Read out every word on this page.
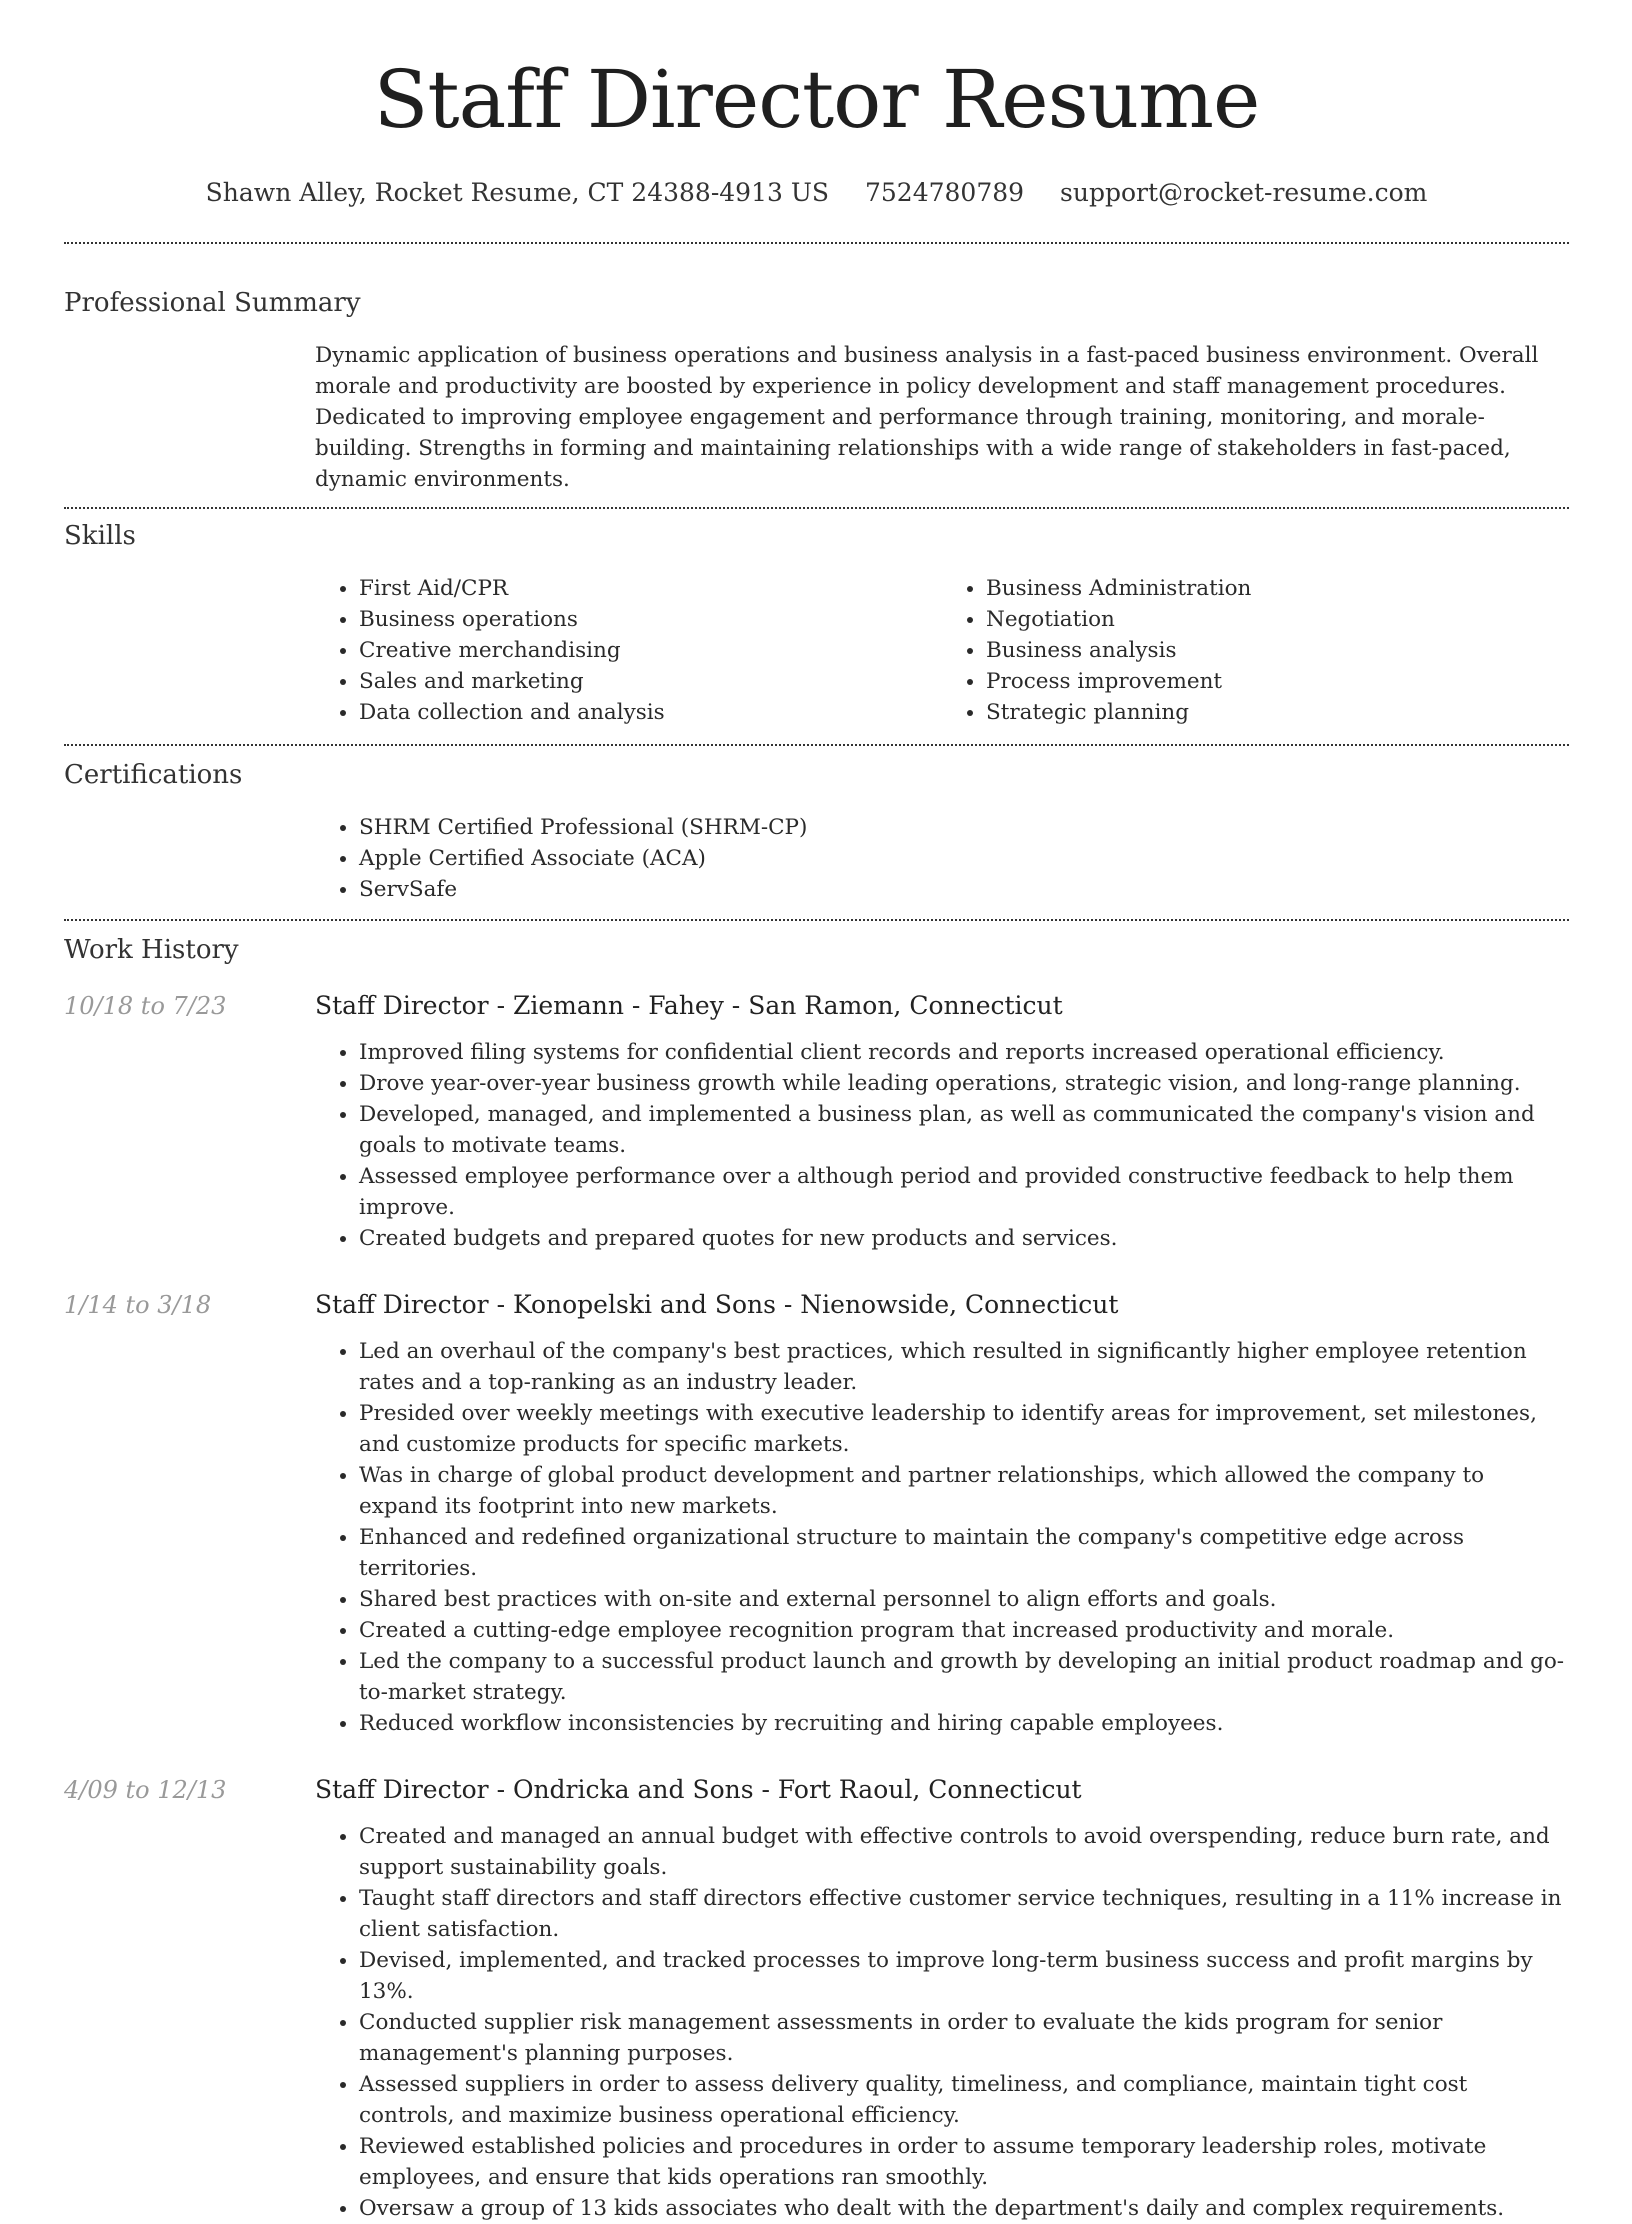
Staff Director Resume
Shawn Alley, Rocket Resume, CT 24388-4913 US 7524780789 support@rocket-resume.com
Professional Summary

Dynamic application of business operations and business analysis in a fast-paced business environment. Overall morale and productivity are boosted by experience in policy development and staff management procedures. Dedicated to improving employee engagement and performance through training, monitoring, and morale-building. Strengths in forming and maintaining relationships with a wide range of stakeholders in fast-paced, dynamic environments.

Skills
• First Aid/CPR
• Business operations
• Creative merchandising
• Sales and marketing
• Data collection and analysis
• Business Administration
• Negotiation
• Business analysis
• Process improvement
• Strategic planning
Certifications
• SHRM Certified Professional (SHRM-CP)
• Apple Certified Associate (ACA)
• ServSafe
Work History
10/18 to 7/23	Staff Director - Ziemann - Fahey - San Ramon, Connecticut
• Improved filing systems for confidential client records and reports increased operational efficiency.
• Drove year-over-year business growth while leading operations, strategic vision, and long-range planning.
• Developed, managed, and implemented a business plan, as well as communicated the company's vision and goals to motivate teams.
• Assessed employee performance over a although period and provided constructive feedback to help them improve.
• Created budgets and prepared quotes for new products and services.
1/14 to 3/18	Staff Director - Konopelski and Sons - Nienowside, Connecticut
• Led an overhaul of the company's best practices, which resulted in significantly higher employee retention rates and a top-ranking as an industry leader.
• Presided over weekly meetings with executive leadership to identify areas for improvement, set milestones, and customize products for specific markets.
• Was in charge of global product development and partner relationships, which allowed the company to expand its footprint into new markets.
• Enhanced and redefined organizational structure to maintain the company's competitive edge across territories.
• Shared best practices with on-site and external personnel to align efforts and goals.
• Created a cutting-edge employee recognition program that increased productivity and morale.
• Led the company to a successful product launch and growth by developing an initial product roadmap and go-to-market strategy.
• Reduced workflow inconsistencies by recruiting and hiring capable employees.
4/09 to 12/13	Staff Director - Ondricka and Sons - Fort Raoul, Connecticut
• Created and managed an annual budget with effective controls to avoid overspending, reduce burn rate, and support sustainability goals.
• Taught staff directors and staff directors effective customer service techniques, resulting in a 11% increase in client satisfaction.
• Devised, implemented, and tracked processes to improve long-term business success and profit margins by 13%.
• Conducted supplier risk management assessments in order to evaluate the kids program for senior management's planning purposes.
• Assessed suppliers in order to assess delivery quality, timeliness, and compliance, maintain tight cost controls, and maximize business operational efficiency.
• Reviewed established policies and procedures in order to assume temporary leadership roles, motivate employees, and ensure that kids operations ran smoothly.
• Oversaw a group of 13 kids associates who dealt with the department's daily and complex requirements.
